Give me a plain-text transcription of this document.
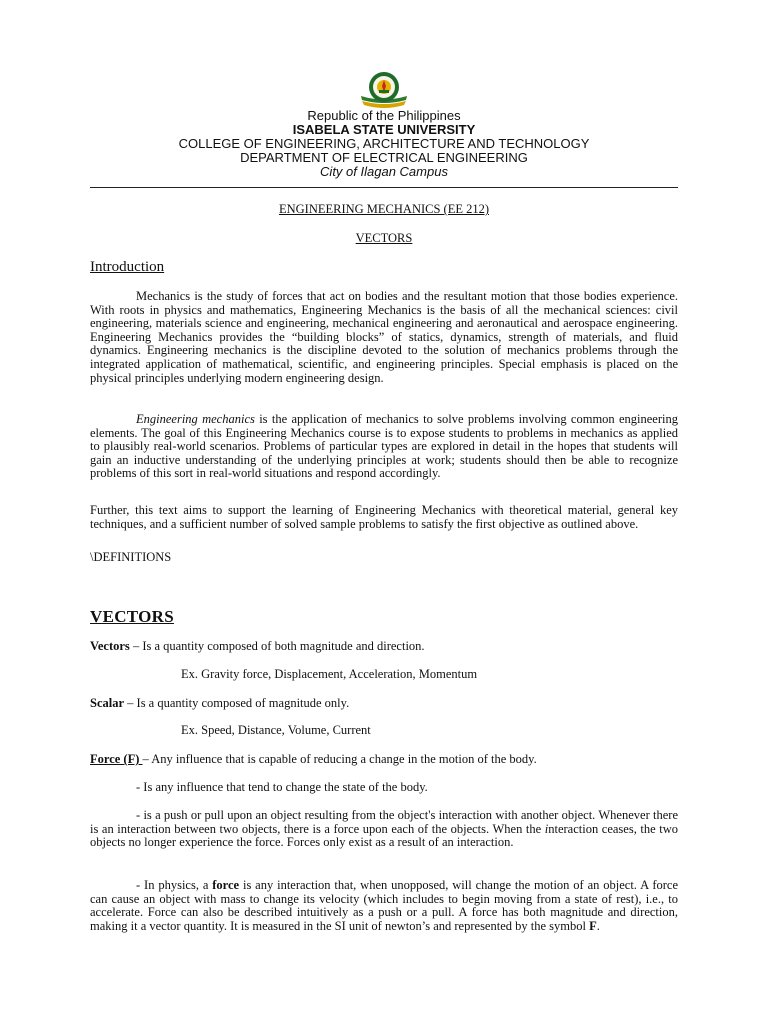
Republic of the Philippines
ISABELA STATE UNIVERSITY
COLLEGE OF ENGINEERING, ARCHITECTURE AND TECHNOLOGY
DEPARTMENT OF ELECTRICAL ENGINEERING
City of Ilagan Campus
ENGINEERING MECHANICS (EE 212)
VECTORS
Introduction
Mechanics is the study of forces that act on bodies and the resultant motion that those bodies experience. With roots in physics and mathematics, Engineering Mechanics is the basis of all the mechanical sciences: civil engineering, materials science and engineering, mechanical engineering and aeronautical and aerospace engineering. Engineering Mechanics provides the “building blocks” of statics, dynamics, strength of materials, and fluid dynamics. Engineering mechanics is the discipline devoted to the solution of mechanics problems through the integrated application of mathematical, scientific, and engineering principles. Special emphasis is placed on the physical principles underlying modern engineering design.
Engineering mechanics is the application of mechanics to solve problems involving common engineering elements. The goal of this Engineering Mechanics course is to expose students to problems in mechanics as applied to plausibly real-world scenarios. Problems of particular types are explored in detail in the hopes that students will gain an inductive understanding of the underlying principles at work; students should then be able to recognize problems of this sort in real-world situations and respond accordingly.
Further, this text aims to support the learning of Engineering Mechanics with theoretical material, general key techniques, and a sufficient number of solved sample problems to satisfy the first objective as outlined above.
\DEFINITIONS
VECTORS
Vectors – Is a quantity composed of both magnitude and direction.
Ex. Gravity force, Displacement, Acceleration, Momentum
Scalar – Is a quantity composed of magnitude only.
Ex. Speed, Distance, Volume, Current
Force (F) – Any influence that is capable of reducing a change in the motion of the body.
- Is any influence that tend to change the state of the body.
- is a push or pull upon an object resulting from the object's interaction with another object. Whenever there is an interaction between two objects, there is a force upon each of the objects. When the interaction ceases, the two objects no longer experience the force. Forces only exist as a result of an interaction.
- In physics, a force is any interaction that, when unopposed, will change the motion of an object. A force can cause an object with mass to change its velocity (which includes to begin moving from a state of rest), i.e., to accelerate. Force can also be described intuitively as a push or a pull. A force has both magnitude and direction, making it a vector quantity. It is measured in the SI unit of newton’s and represented by the symbol F.
